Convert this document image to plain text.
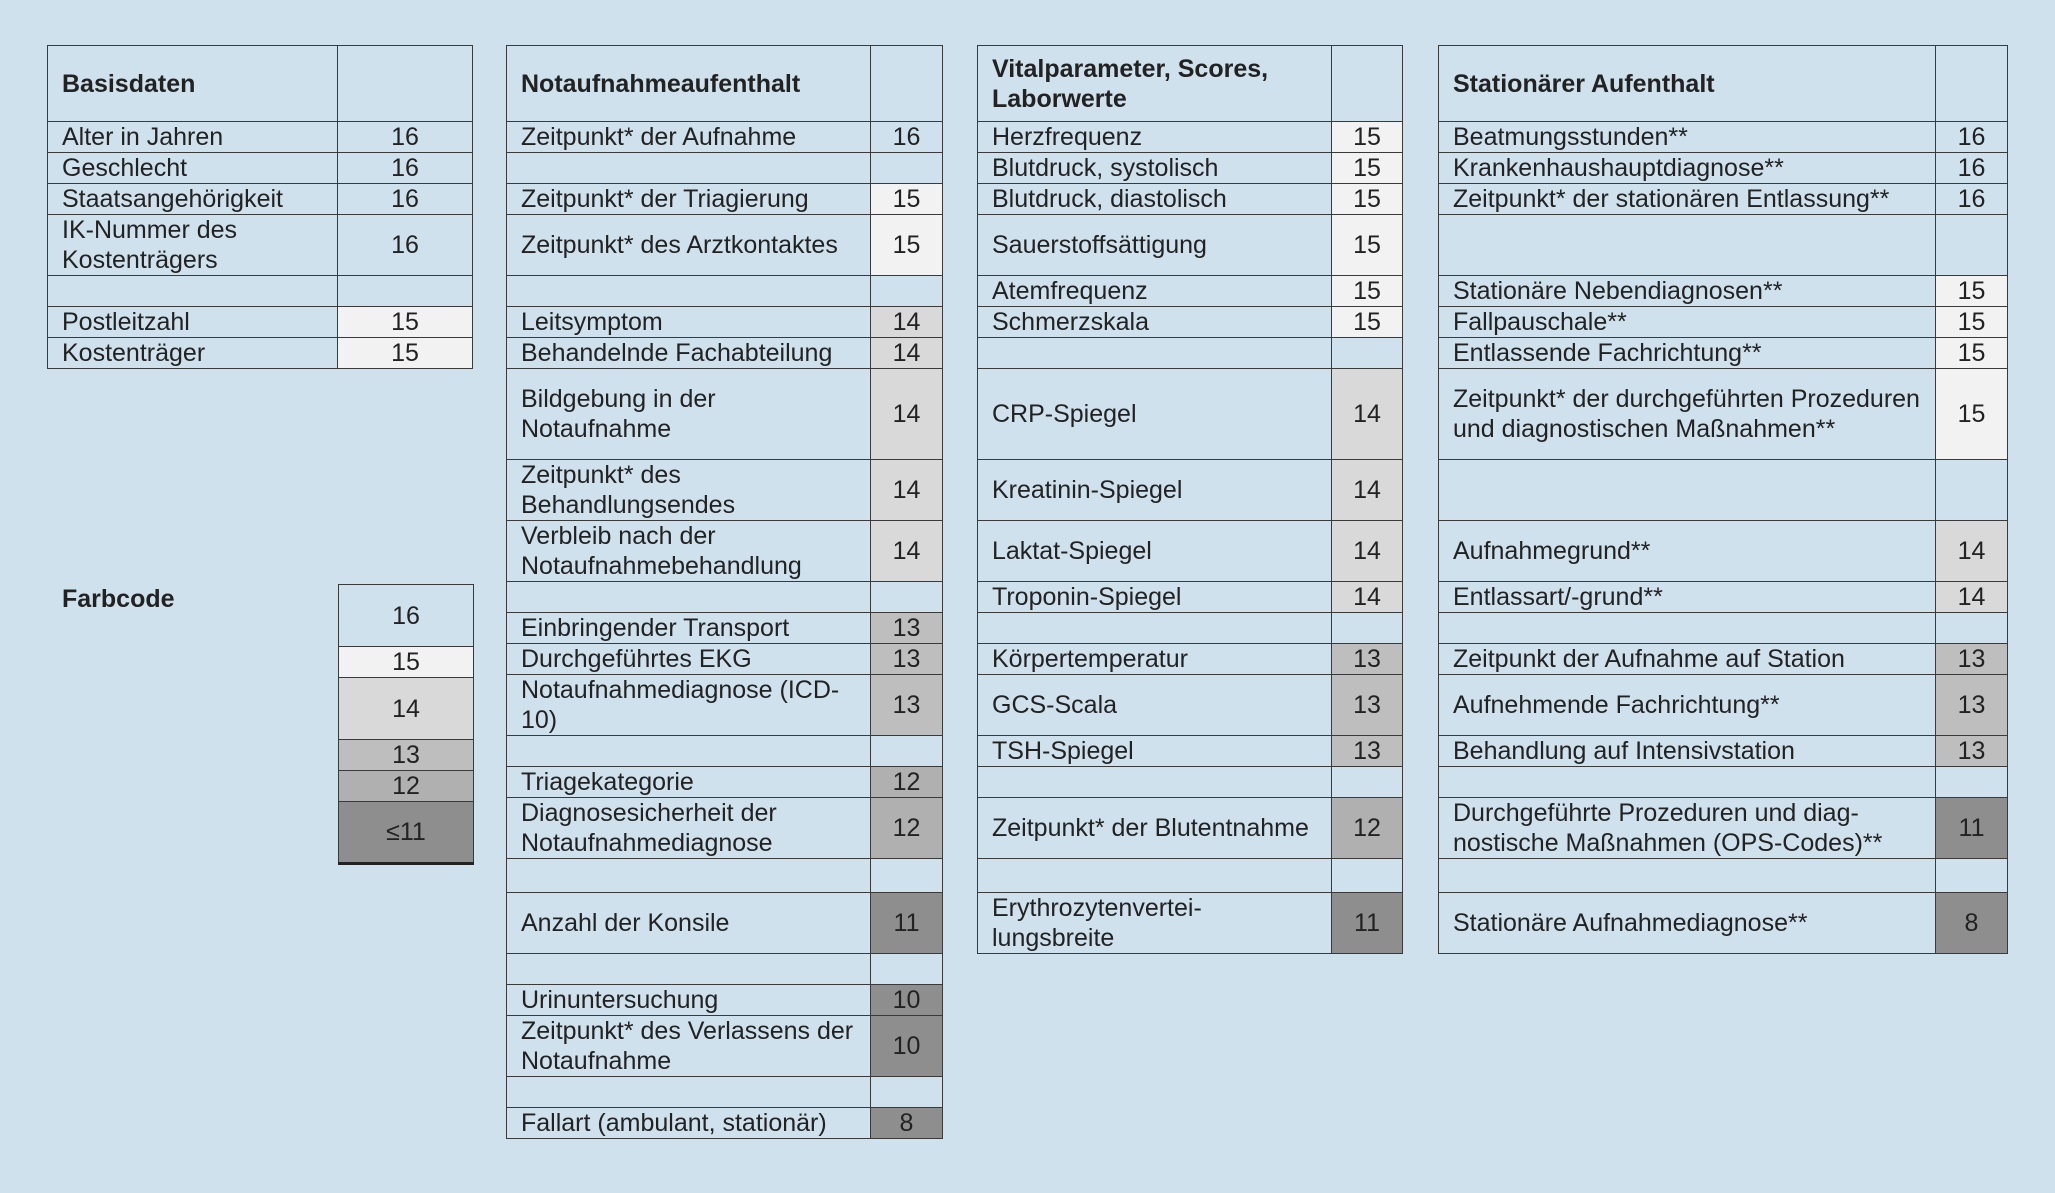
Basisdaten	
Alter in Jahren	16
Geschlecht	16
Staatsangehörigkeit	16
IK-Nummer des Kostenträgers	16

Postleitzahl	15
Kostenträger	15
Farbcode
16
15
14
13
12
≤11
Notaufnahmeaufenthalt	
Zeitpunkt* der Aufnahme	16

Zeitpunkt* der Triagierung	15
Zeitpunkt* des Arztkontaktes	15

Leitsymptom	14
Behandelnde Fachabteilung	14
Bildgebung in der Notaufnahme	14
Zeitpunkt* des Behandlungsendes	14
Verbleib nach der Notaufnahmebehandlung	14

Einbringender Transport	13
Durchgeführtes EKG	13
Notaufnahmediagnose (ICD-10)	13

Triagekategorie	12
Diagnosesicherheit der Notaufnahmediagnose	12

Anzahl der Konsile	11

Urinuntersuchung	10
Zeitpunkt* des Verlassens der Notaufnahme	10

Fallart (ambulant, stationär)	8
Vitalparameter, Scores, Laborwerte	
Herzfrequenz	15
Blutdruck, systolisch	15
Blutdruck, diastolisch	15
Sauerstoffsättigung	15
Atemfrequenz	15
Schmerzskala	15

CRP-Spiegel	14
Kreatinin-Spiegel	14
Laktat-Spiegel	14
Troponin-Spiegel	14

Körpertemperatur	13
GCS-Scala	13
TSH-Spiegel	13

Zeitpunkt* der Blutentnahme	12

Erythrozytenvertei-lungsbreite	11
Stationärer Aufenthalt	
Beatmungsstunden**	16
Krankenhaushauptdiagnose**	16
Zeitpunkt* der stationären Entlassung**	16

Stationäre Nebendiagnosen**	15
Fallpauschale**	15
Entlassende Fachrichtung**	15
Zeitpunkt* der durchgeführten Prozeduren und diagnostischen Maßnahmen**	15

Aufnahmegrund**	14
Entlassart/-grund**	14

Zeitpunkt der Aufnahme auf Station	13
Aufnehmende Fachrichtung**	13
Behandlung auf Intensivstation	13

Durchgeführte Prozeduren und diag-nostische Maßnahmen (OPS-Codes)**	11

Stationäre Aufnahmediagnose**	8
